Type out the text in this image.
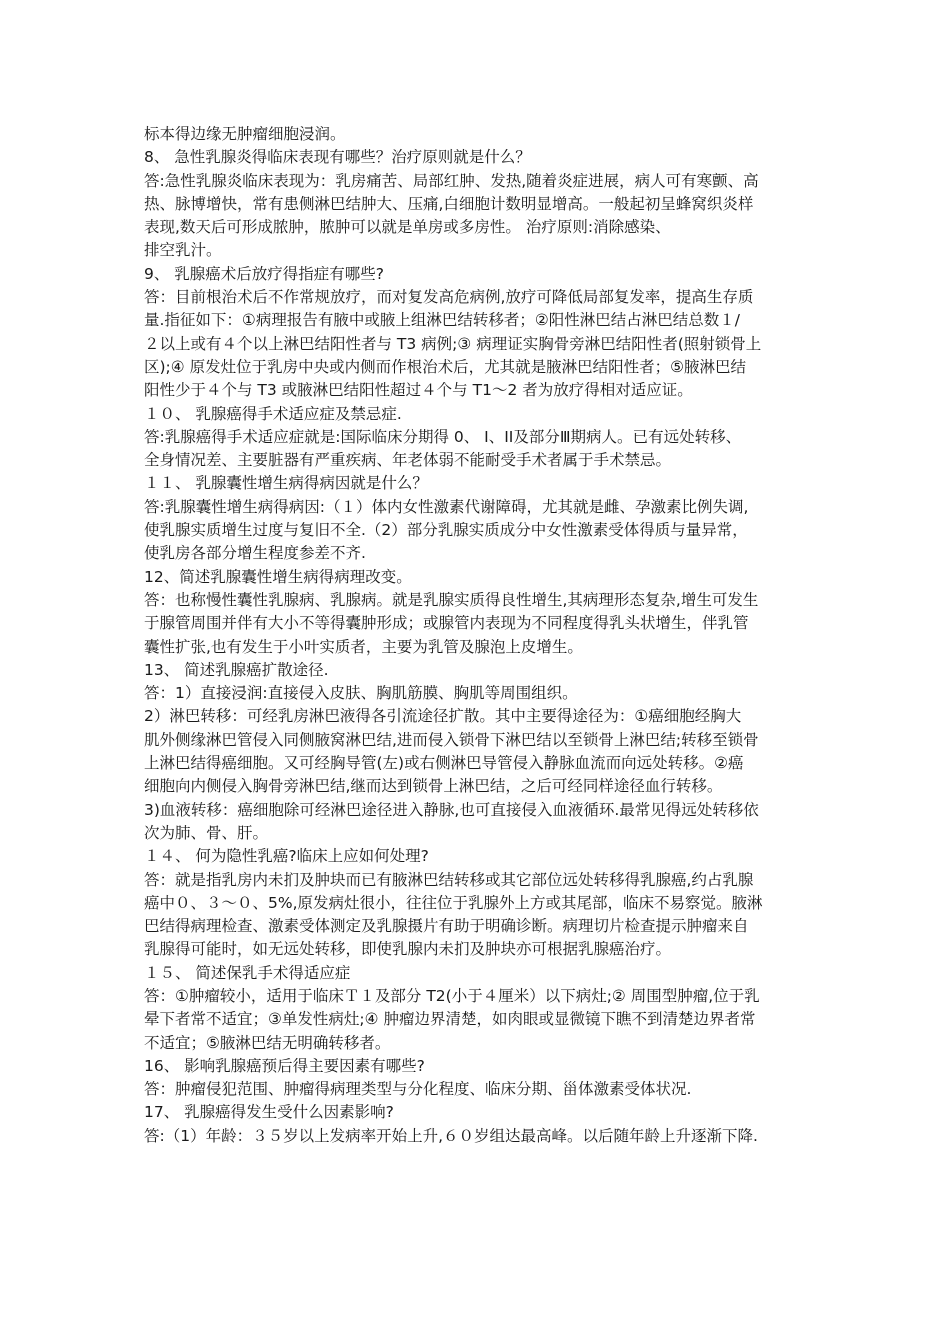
标本得边缘无肿瘤细胞浸润。
8、 急性乳腺炎得临床表现有哪些？治疗原则就是什么？
答:急性乳腺炎临床表现为：乳房痛苦、局部红肿、发热,随着炎症进展，病人可有寒颤、高
热、脉博增快，常有患侧淋巴结肿大、压痛,白细胞计数明显增高。一般起初呈蜂窝织炎样
表现,数天后可形成脓肿，脓肿可以就是单房或多房性。 治疗原则:消除感染、
排空乳汁。
9、 乳腺癌术后放疗得指症有哪些?
答：目前根治术后不作常规放疗，而对复发高危病例,放疗可降低局部复发率，提高生存质
量.指征如下：①病理报告有腋中或腋上组淋巴结转移者；②阳性淋巴结占淋巴结总数１/
２以上或有４个以上淋巴结阳性者与 T3 病例;③ 病理证实胸骨旁淋巴结阳性者(照射锁骨上
区);④ 原发灶位于乳房中央或内侧而作根治术后，尤其就是腋淋巴结阳性者；⑤腋淋巴结
阳性少于４个与 T3 或腋淋巴结阳性超过４个与 T1～2 者为放疗得相对适应证。
１０、 乳腺癌得手术适应症及禁忌症.
答:乳腺癌得手术适应症就是:国际临床分期得 0、 Ⅰ、ⅠⅠ及部分Ⅲ期病人。已有远处转移、
全身情况差、主要脏器有严重疾病、年老体弱不能耐受手术者属于手术禁忌。
１１、 乳腺囊性增生病得病因就是什么？
答:乳腺囊性增生病得病因:（１）体内女性激素代谢障碍，尤其就是雌、孕激素比例失调,
使乳腺实质增生过度与复旧不全.（2）部分乳腺实质成分中女性激素受体得质与量异常，
使乳房各部分增生程度参差不齐.
12、简述乳腺囊性增生病得病理改变。
答：也称慢性囊性乳腺病、乳腺病。就是乳腺实质得良性增生,其病理形态复杂,增生可发生
于腺管周围并伴有大小不等得囊肿形成；或腺管内表现为不同程度得乳头状增生，伴乳管
囊性扩张,也有发生于小叶实质者，主要为乳管及腺泡上皮增生。
13、 简述乳腺癌扩散途径.
答：1）直接浸润:直接侵入皮肤、胸肌筋膜、胸肌等周围组织。
2）淋巴转移：可经乳房淋巴液得各引流途径扩散。其中主要得途径为：①癌细胞经胸大
肌外侧缘淋巴管侵入同侧腋窝淋巴结,进而侵入锁骨下淋巴结以至锁骨上淋巴结;转移至锁骨
上淋巴结得癌细胞。又可经胸导管(左)或右侧淋巴导管侵入静脉血流而向远处转移。②癌
细胞向内侧侵入胸骨旁淋巴结,继而达到锁骨上淋巴结，之后可经同样途径血行转移。
3)血液转移：癌细胞除可经淋巴途径进入静脉,也可直接侵入血液循环.最常见得远处转移依
次为肺、骨、肝。
１４、 何为隐性乳癌?临床上应如何处理?
答：就是指乳房内未扪及肿块而已有腋淋巴结转移或其它部位远处转移得乳腺癌,约占乳腺
癌中０、３～０、5%,原发病灶很小，往往位于乳腺外上方或其尾部，临床不易察觉。腋淋
巴结得病理检查、激素受体测定及乳腺摄片有助于明确诊断。病理切片检查提示肿瘤来自
乳腺得可能时，如无远处转移，即使乳腺内未扪及肿块亦可根据乳腺癌治疗。
１５、 简述保乳手术得适应症
答：①肿瘤较小，适用于临床Ｔ１及部分 T2(小于４厘米）以下病灶;② 周围型肿瘤,位于乳
晕下者常不适宜；③单发性病灶;④ 肿瘤边界清楚，如肉眼或显微镜下瞧不到清楚边界者常
不适宜；⑤腋淋巴结无明确转移者。
16、 影响乳腺癌预后得主要因素有哪些?
答：肿瘤侵犯范围、肿瘤得病理类型与分化程度、临床分期、甾体激素受体状况.
17、 乳腺癌得发生受什么因素影响?
答:（1）年龄：３５岁以上发病率开始上升,６０岁组达最高峰。以后随年龄上升逐渐下降.
